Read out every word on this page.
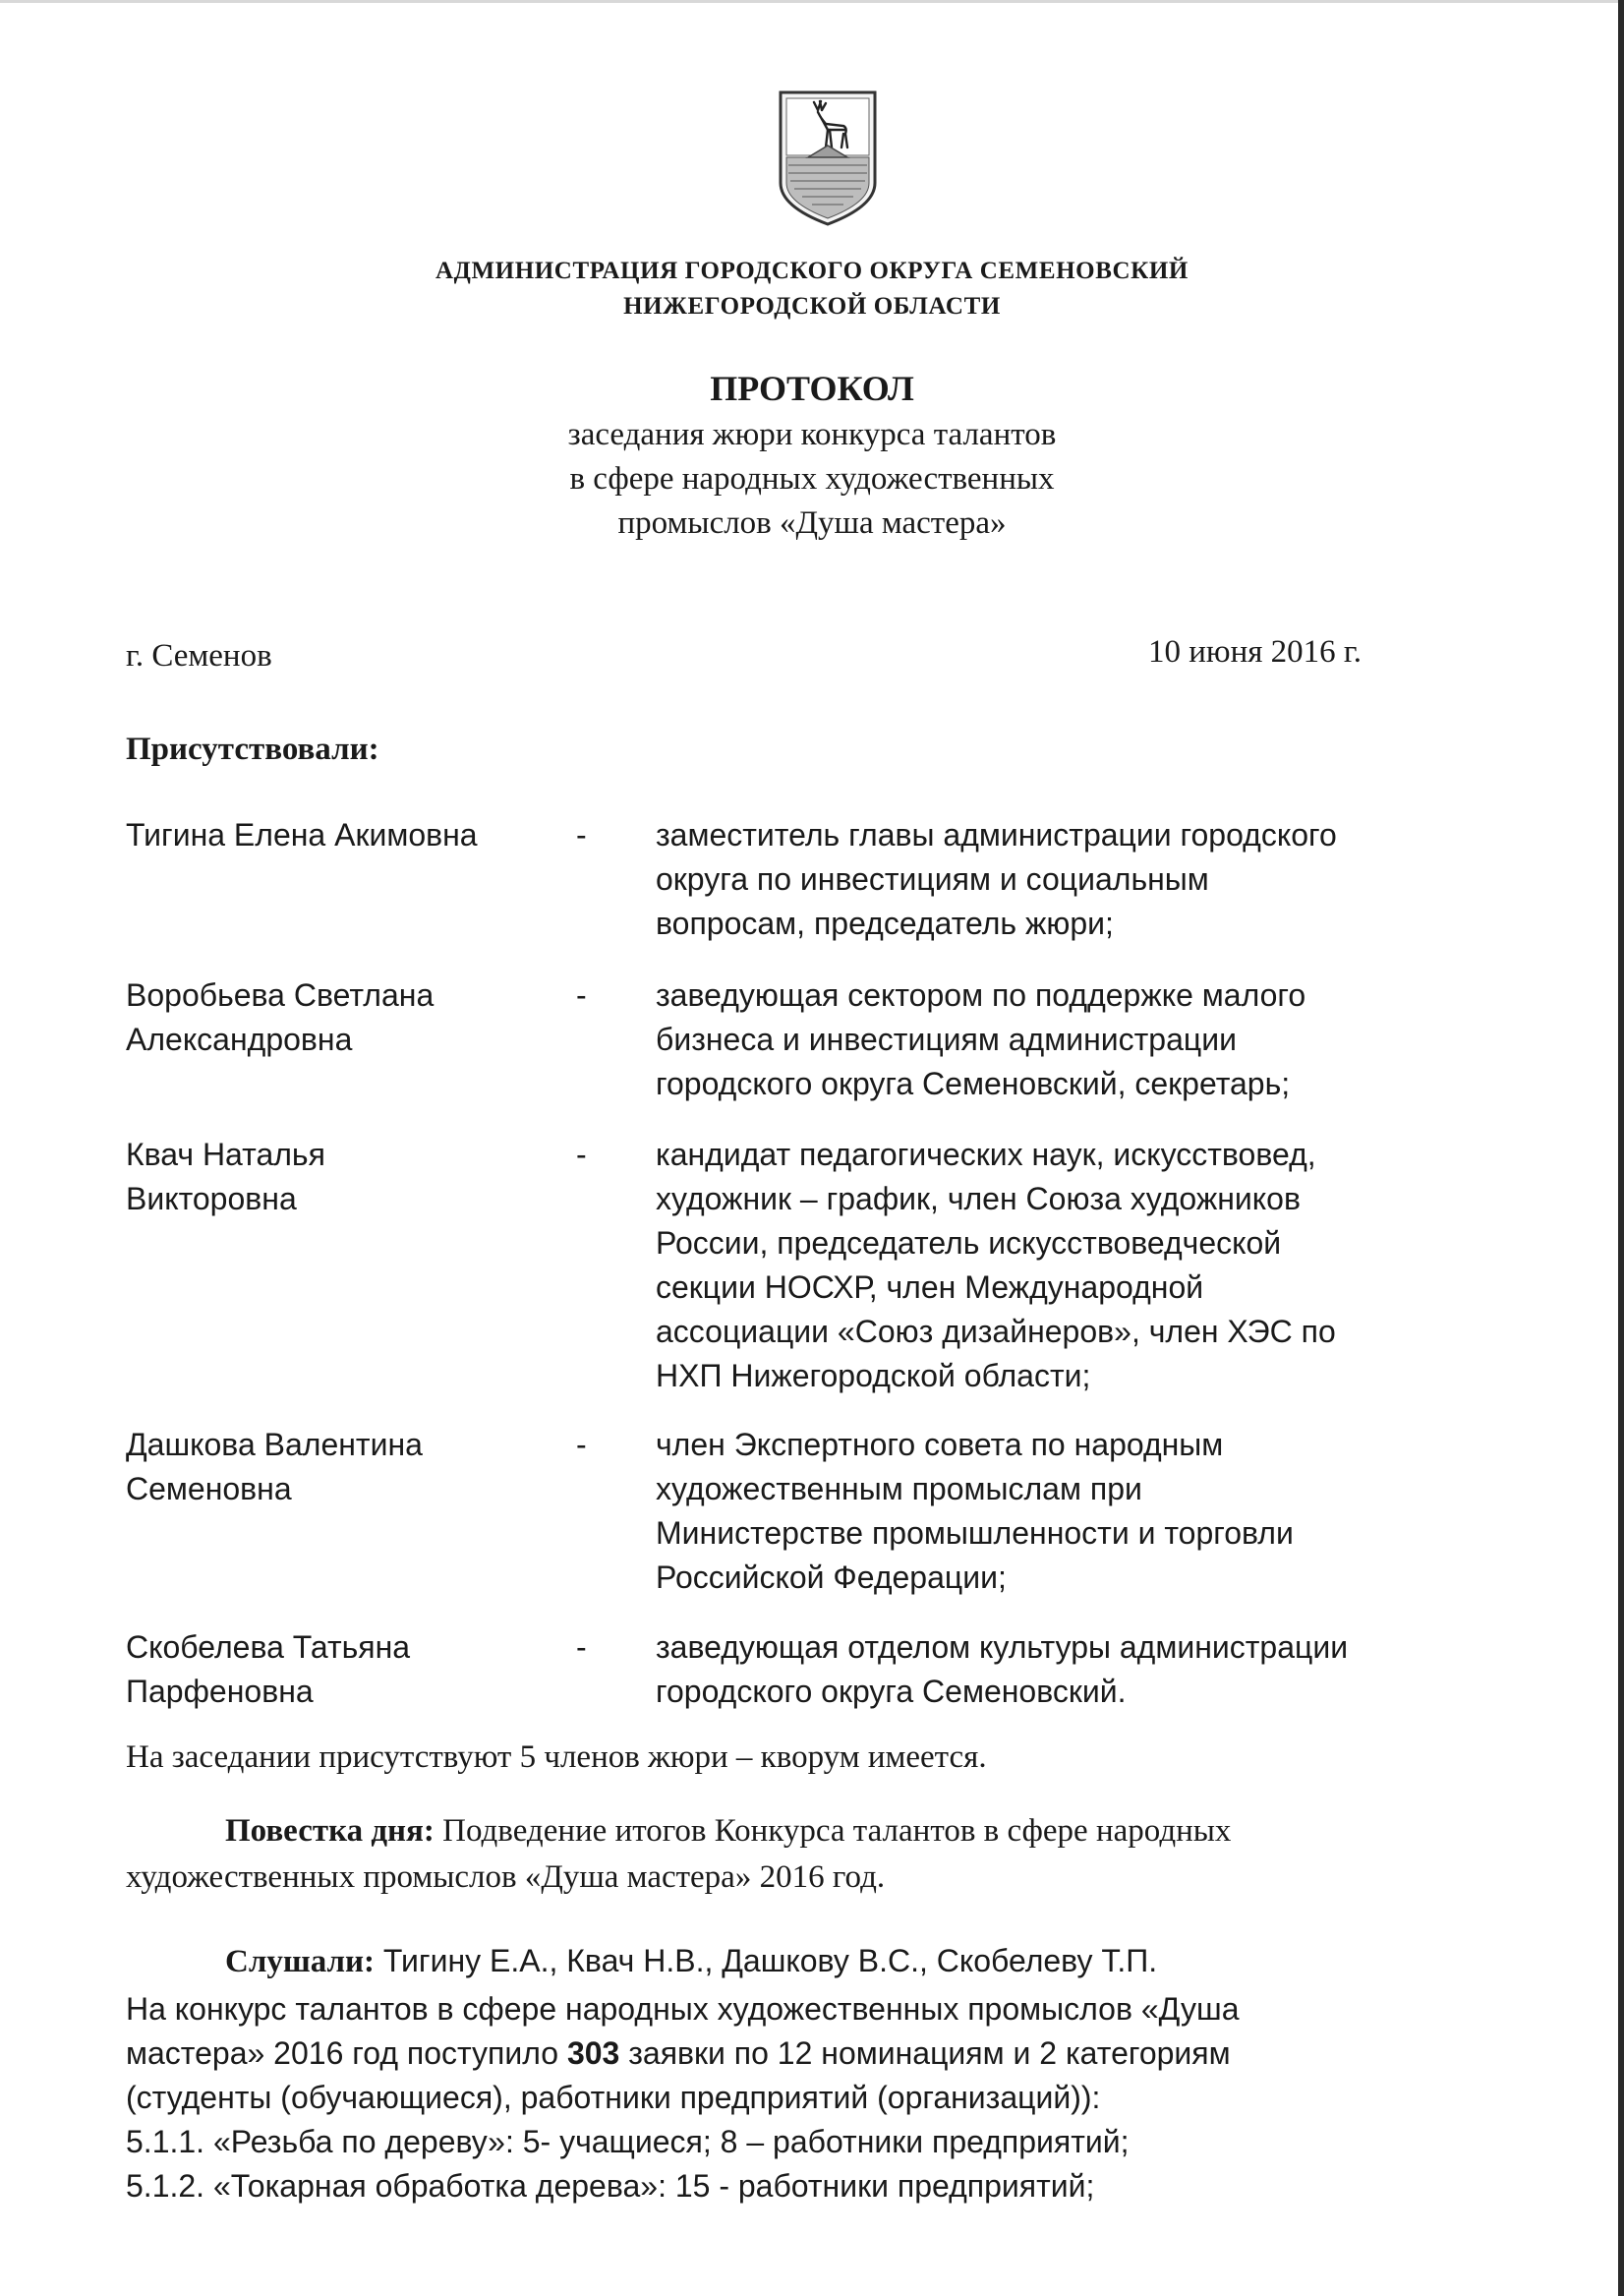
АДМИНИСТРАЦИЯ ГОРОДСКОГО ОКРУГА СЕМЕНОВСКИЙ
НИЖЕГОРОДСКОЙ ОБЛАСТИ
ПРОТОКОЛ
заседания жюри конкурса талантов
в сфере народных художественных
промыслов «Душа мастера»
г. Семенов	10 июня 2016 г.
Присутствовали:
Тигина Елена Акимовна	- заместитель главы администрации городского
округа по инвестициям и социальным
вопросам, председатель жюри;
Воробьева Светлана
Александровна
- заведующая сектором по поддержке малого
бизнеса и инвестициям администрации
городского округа Семеновский, секретарь;
Квач Наталья
Викторовна
- кандидат педагогических наук, искусствовед,
художник – график, член Союза художников
России, председатель искусствоведческой
секции НОСХР, член Международной
ассоциации «Союз дизайнеров», член ХЭС по
НХП Нижегородской области;
Дашкова Валентина
Семеновна
- член Экспертного совета по народным
художественным промыслам при
Министерстве промышленности и торговли
Российской Федерации;
Скобелева Татьяна
Парфеновна
- заведующая отделом культуры администрации
городского округа Семеновский.
На заседании присутствуют 5 членов жюри – кворум имеется.
Повестка дня: Подведение итогов Конкурса талантов в сфере народных
художественных промыслов «Душа мастера» 2016 год.
Слушали: Тигину Е.А., Квач Н.В., Дашкову В.С., Скобелеву Т.П.
На конкурс талантов в сфере народных художественных промыслов «Душа
мастера» 2016 год поступило 303 заявки по 12 номинациям и 2 категориям
(студенты (обучающиеся), работники предприятий (организаций)):
5.1.1. «Резьба по дереву»: 5- учащиеся; 8 – работники предприятий;
5.1.2. «Токарная обработка дерева»: 15 - работники предприятий;
